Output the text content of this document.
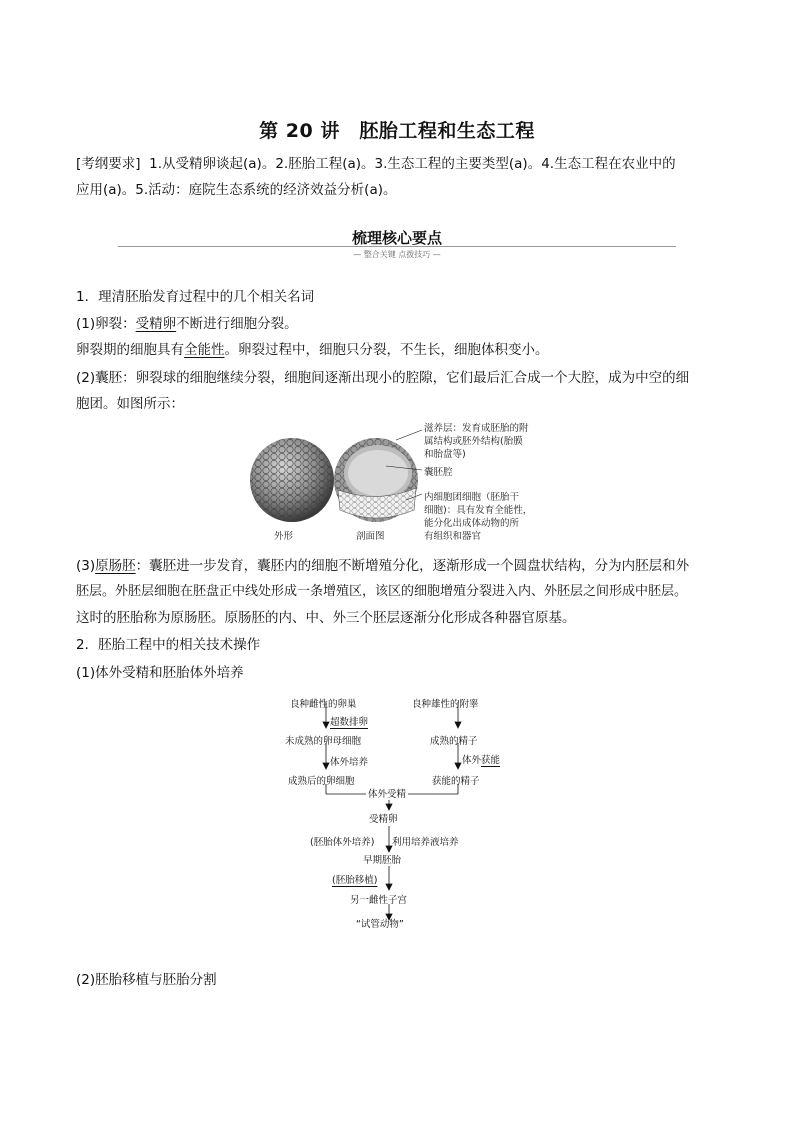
第 20 讲　胚胎工程和生态工程
[考纲要求] 1.从受精卵谈起(a)。2.胚胎工程(a)。3.生态工程的主要类型(a)。4.生态工程在农业中的
应用(a)。5.活动：庭院生态系统的经济效益分析(a)。
梳理核心要点
— 整合关键 点拨技巧 —
1．理清胚胎发育过程中的几个相关名词
(1)卵裂：受精卵不断进行细胞分裂。
卵裂期的细胞具有全能性。卵裂过程中，细胞只分裂，不生长，细胞体积变小。
(2)囊胚：卵裂球的细胞继续分裂，细胞间逐渐出现小的腔隙，它们最后汇合成一个大腔，成为中空的细
胞团。如图所示：
外形	剖面图
滋养层：发育成胚胎的附
属结构或胚外结构(胎膜
和胎盘等)
囊胚腔
内细胞团细胞（胚胎干
细胞)：具有发育全能性，
能分化出成体动物的所
有组织和器官
(3)原肠胚：囊胚进一步发育，囊胚内的细胞不断增殖分化，逐渐形成一个圆盘状结构，分为内胚层和外
胚层。外胚层细胞在胚盘正中线处形成一条增殖区，该区的细胞增殖分裂进入内、外胚层之间形成中胚层。
这时的胚胎称为原肠胚。原肠胚的内、中、外三个胚层逐渐分化形成各种器官原基。
2．胚胎工程中的相关技术操作
(1)体外受精和胚胎体外培养
良种雌性的卵巢
超数排卵
未成熟的卵母细胞
体外培养
成熟后的卵细胞
良种雄性的附睾
成熟的精子
体外获能
获能的精子
体外受精
受精卵
(胚胎体外培养) 利用培养液培养
早期胚胎
(胚胎移植)
另一雌性子宫
“试管动物”
(2)胚胎移植与胚胎分割
